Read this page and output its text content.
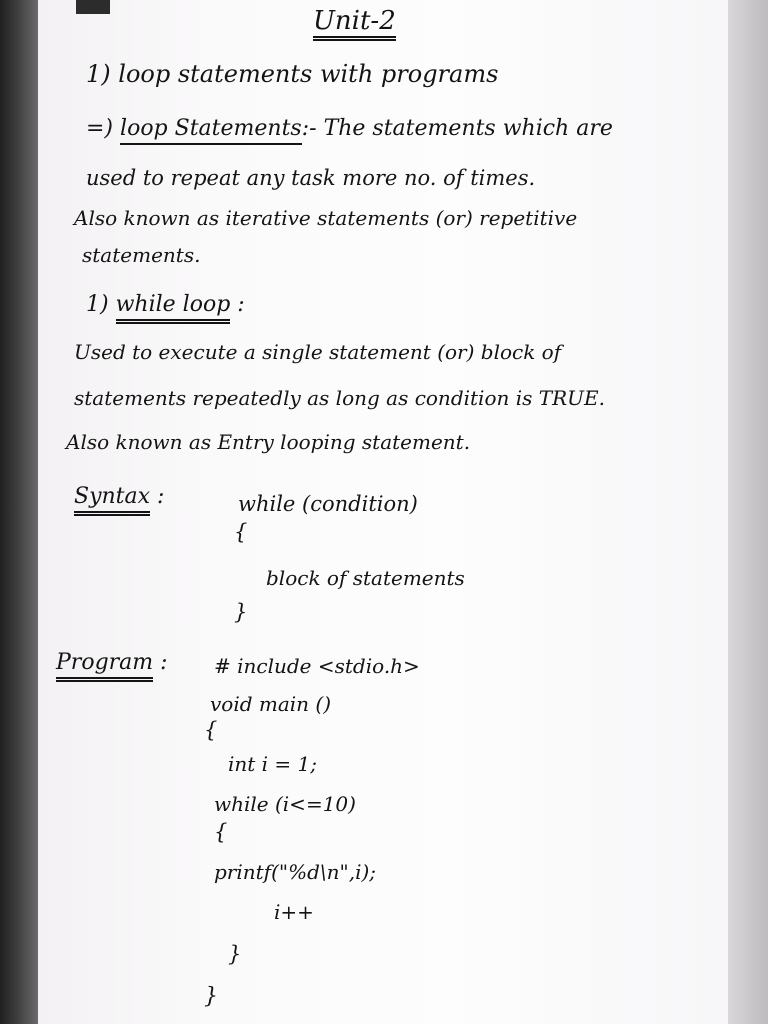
Unit-2
1) loop statements with programs
=) loop Statements:- The statements which are
used to repeat any task more no. of times.
Also known as iterative statements (or) repetitive
statements.
1) while loop :
Used to execute a single statement (or) block of
statements repeatedly as long as condition is TRUE.
Also known as Entry looping statement.
Syntax :	while (condition)
{
block of statements
}
Program : # include <stdio.h>
void main ()
{
int i = 1;
while (i<=10)
{
printf("%d\n",i);
i++
}
}
